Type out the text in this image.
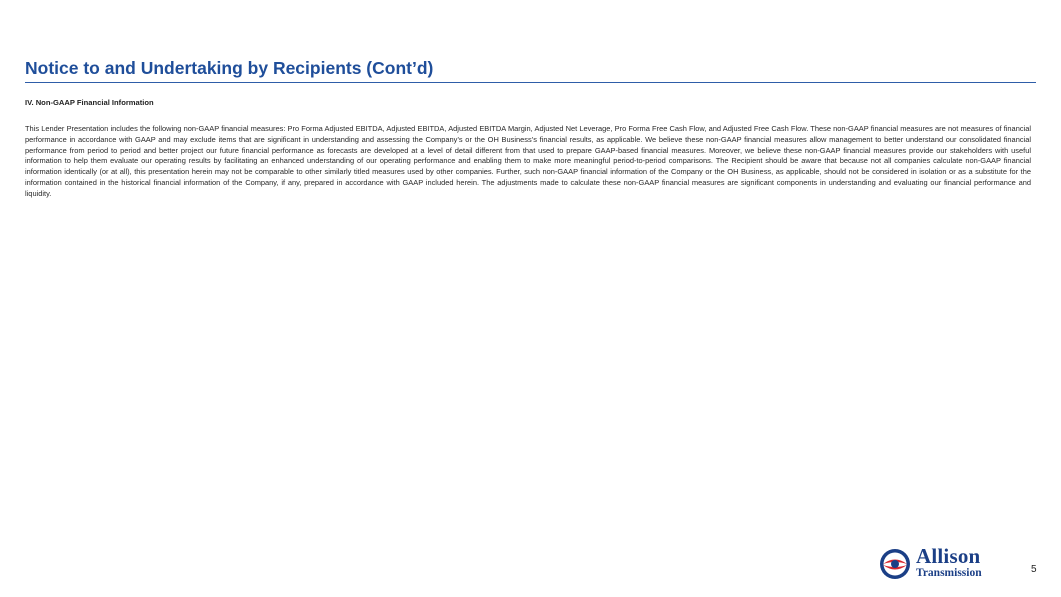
Notice to and Undertaking by Recipients (Cont’d)
IV. Non-GAAP Financial Information
This Lender Presentation includes the following non-GAAP financial measures: Pro Forma Adjusted EBITDA, Adjusted EBITDA, Adjusted EBITDA Margin, Adjusted Net Leverage, Pro Forma Free Cash Flow, and Adjusted Free Cash Flow. These non-GAAP financial measures are not measures of financial performance in accordance with GAAP and may exclude items that are significant in understanding and assessing the Company’s or the OH Business’s financial results, as applicable. We believe these non-GAAP financial measures allow management to better understand our consolidated financial performance from period to period and better project our future financial performance as forecasts are developed at a level of detail different from that used to prepare GAAP-based financial measures. Moreover, we believe these non-GAAP financial measures provide our stakeholders with useful information to help them evaluate our operating results by facilitating an enhanced understanding of our operating performance and enabling them to make more meaningful period-to-period comparisons. The Recipient should be aware that because not all companies calculate non-GAAP financial information identically (or at all), this presentation herein may not be comparable to other similarly titled measures used by other companies. Further, such non-GAAP financial information of the Company or the OH Business, as applicable, should not be considered in isolation or as a substitute for the information contained in the historical financial information of the Company, if any, prepared in accordance with GAAP included herein. The adjustments made to calculate these non-GAAP financial measures are significant components in understanding and evaluating our financial performance and liquidity.
Allison
Transmission	5
